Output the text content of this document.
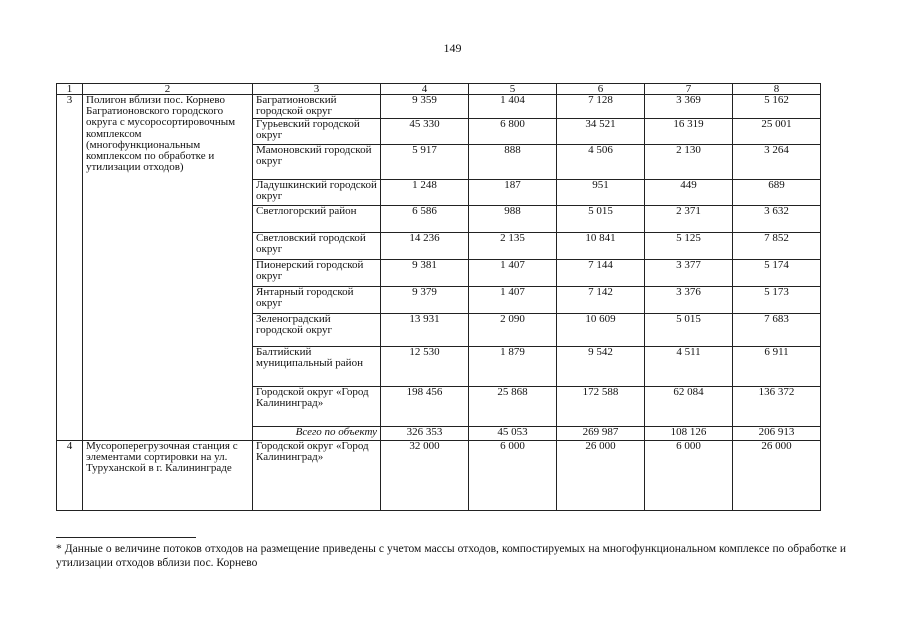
149
1	2	3	4	5	6	7	8
3	Полигон вблизи пос. Корнево Багратионовского городского округа с мусоросортировочным комплексом (многофункциональным комплексом по обработке и утилизации отходов)	Багратионовский городской округ	9 359	1 404	7 128	3 369	5 162
		Гурьевский городской округ	45 330	6 800	34 521	16 319	25 001
		Мамоновский городской округ	5 917	888	4 506	2 130	3 264
		Ладушкинский городской округ	1 248	187	951	449	689
		Светлогорский район	6 586	988	5 015	2 371	3 632
		Светловский городской округ	14 236	2 135	10 841	5 125	7 852
		Пионерский городской округ	9 381	1 407	7 144	3 377	5 174
		Янтарный городской округ	9 379	1 407	7 142	3 376	5 173
		Зеленоградский городской округ	13 931	2 090	10 609	5 015	7 683
		Балтийский муниципальный район	12 530	1 879	9 542	4 511	6 911
		Городской округ «Город Калининград»	198 456	25 868	172 588	62 084	136 372
		Всего по объекту	326 353	45 053	269 987	108 126	206 913
4	Мусороперегрузочная станция с элементами сортировки на ул. Туруханской в г. Калининграде	Городской округ «Город Калининград»	32 000	6 000	26 000	6 000	26 000
* Данные о величине потоков отходов на размещение приведены с учетом массы отходов, компостируемых на многофункциональном комплексе по обработке и утилизации отходов вблизи пос. Корнево
